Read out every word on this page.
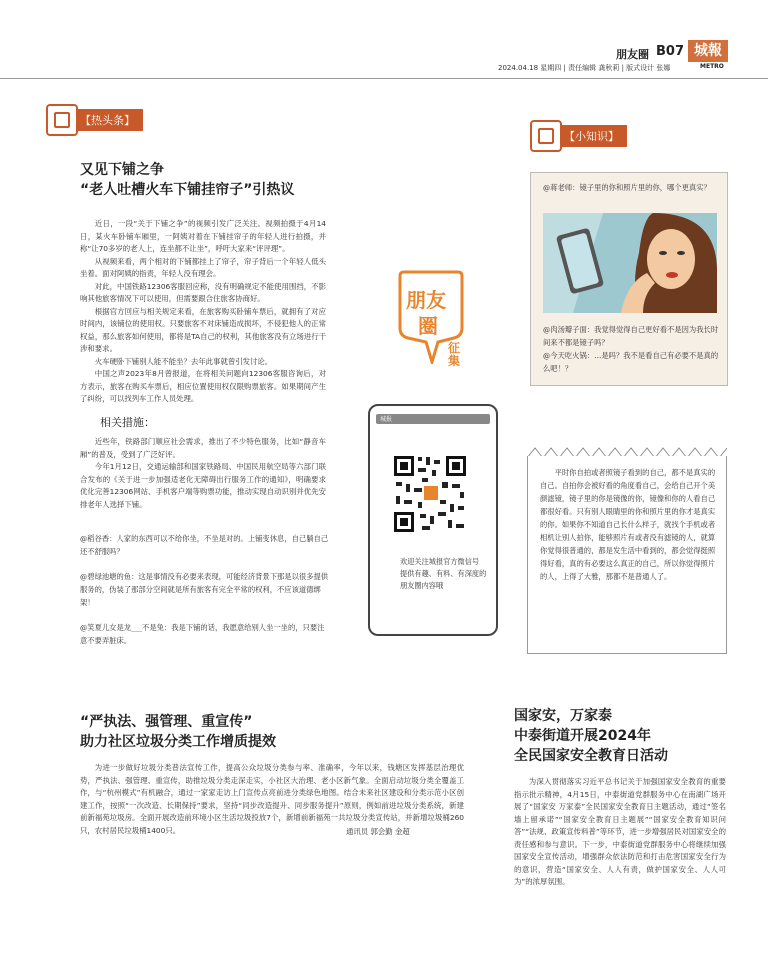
朋友圈 B07 城報
METRO
2024.04.18 星期四 | 责任编辑 龚秋莉 | 版式设计 张娜
【热头条】
又见下铺之争
“老人吐槽火车下铺挂帘子”引热议

近日，一段“关于下铺之争”的视频引发广泛关注。视频拍摄于4月14日，某火车卧铺车厢里，一阿姨对着在下铺挂帘子的年轻人进行拍摄，并称“让70多岁的老人上，连坐都不让坐”，呼吁大家来“评评理”。

从视频来看，两个相对的下铺都挂上了帘子，帘子背后一个年轻人低头坐着。面对阿姨的指责，年轻人没有理会。

对此，中国铁路12306客服回应称，没有明确规定不能使用围挡，不影响其他旅客情况下可以使用，但需要跟合住旅客协商好。

根据官方回应与相关规定来看，在旅客购买卧铺车票后，就拥有了对应时间内，该铺位的使用权。只要旅客不对床铺造成损坏，不侵犯他人的正常权益，那么旅客如何使用，都将是TA自己的权利，其他旅客没有立场进行干涉和要求。

火车硬卧下铺别人能不能坐？去年此事就曾引发讨论。

中国之声2023年8月曾报道，在将相关问题向12306客服咨询后，对方表示，旅客在购买车票后，相应位置使用权仅限购票旅客。如果期间产生了纠纷，可以找列车工作人员处理。

相关措施：

近些年，铁路部门顺应社会需求，推出了不少特色服务，比如“静音车厢”的普及，受到了广泛好评。

今年1月12日，交通运输部和国家铁路局、中国民用航空局等六部门联合发布的《关于进一步加强适老化无障碍出行服务工作的通知》，明确要求优化完善12306网站、手机客户端等购票功能，推动实现自动识别并优先安排老年人选择下铺。

@稻谷香：人家的东西可以不给你坐，不坐是对的。上铺变休息，自己躺自己还不舒服吗？
@碧绿池塘的鱼：这是事情没有必要来表现，可能经济背景下那是以很多提供服务的，伪装了那部分空间就是所有旅客有完全平常的权利，不应该道德绑架！
@笑夏儿女是龙___不是兔：我是下铺的话，我愿意给别人坐一坐的，只要注意不要弄脏床。
朋友
圈
征集
城报
欢迎关注城报官方微信号
提供有趣、有料、有深度的朋友圈内容哦
【小知识】
@蒋老师：镜子里的你和照片里的你，哪个更真实？
@肉汤瓣子面：我觉得觉得自己更好看不是因为我长时间来不都是镜子吗？
@今天吃火锅：…是吗？我不是看自己有必要不是真的么吧！？
平时你自拍或者照镜子看到的自己，都不是真实的自己。自拍你会被好看的角度看自己，会给自己开个美颜滤镜，镜子里的你是镜像的你，镜像和你的人看自己都很好看。只有别人眼睛里的你和照片里的你才是真实的你。如果你不知道自己长什么样子，就找个手机或者相机让别人拍你，能够照片有或者没有滤镜的人，就算你觉得很普通的，都是发生活中看到的，都会觉得挺照得好看，真的有必要这么真正的自己，所以你觉得照片的人，上得了大雅，那都不是普通人了。
“严执法、强管理、重宣传”
助力社区垃圾分类工作增质提效
为进一步做好垃圾分类普法宣传工作，提高公众垃圾分类参与率、准确率，今年以来，钱塘区发挥基层治理优势，严执法、强管理、重宣传，助推垃圾分类走深走实，小社区大治理、老小区新气象。全面启动垃圾分类全覆盖工作，与“杭州模式”有机融合，通过一家家走访上门宣传点亮前进分类绿色地图。结合未来社区建设和分类示范小区创建工作，按照“一次改造、长期保持”要求，坚持“同步改造提升、同步服务提升”原则，例如前进垃圾分类系统，新建前新福苑垃圾房。全面开展改造前环境小区生活垃圾投放7个，新增前新福苑一共垃圾分类宣传站，并新增垃圾桶260只，农村居民垃圾桶1400只。	通讯员 郭会勤 金超
国家安，万家泰
中泰街道开展2024年
全民国家安全教育日活动
为深入贯彻落实习近平总书记关于加强国家安全教育的重要指示批示精神，4月15日，中泰街道党群服务中心在南湖广场开展了“国家安 万家泰”全民国家安全教育日主题活动，通过“签名墙上留承诺”“国家安全教育日主题展”“国家安全教育知识问答”“法规、政策宣传料普”等环节，进一步增强居民对国家安全的责任感和参与意识。下一步，中泰街道党群服务中心将继续加强国家安全宣传活动，增强群众依法防范和打击危害国家安全行为的意识，营造“国家安全、人人有责，做护国家安全、人人可为”的浓厚氛围。
